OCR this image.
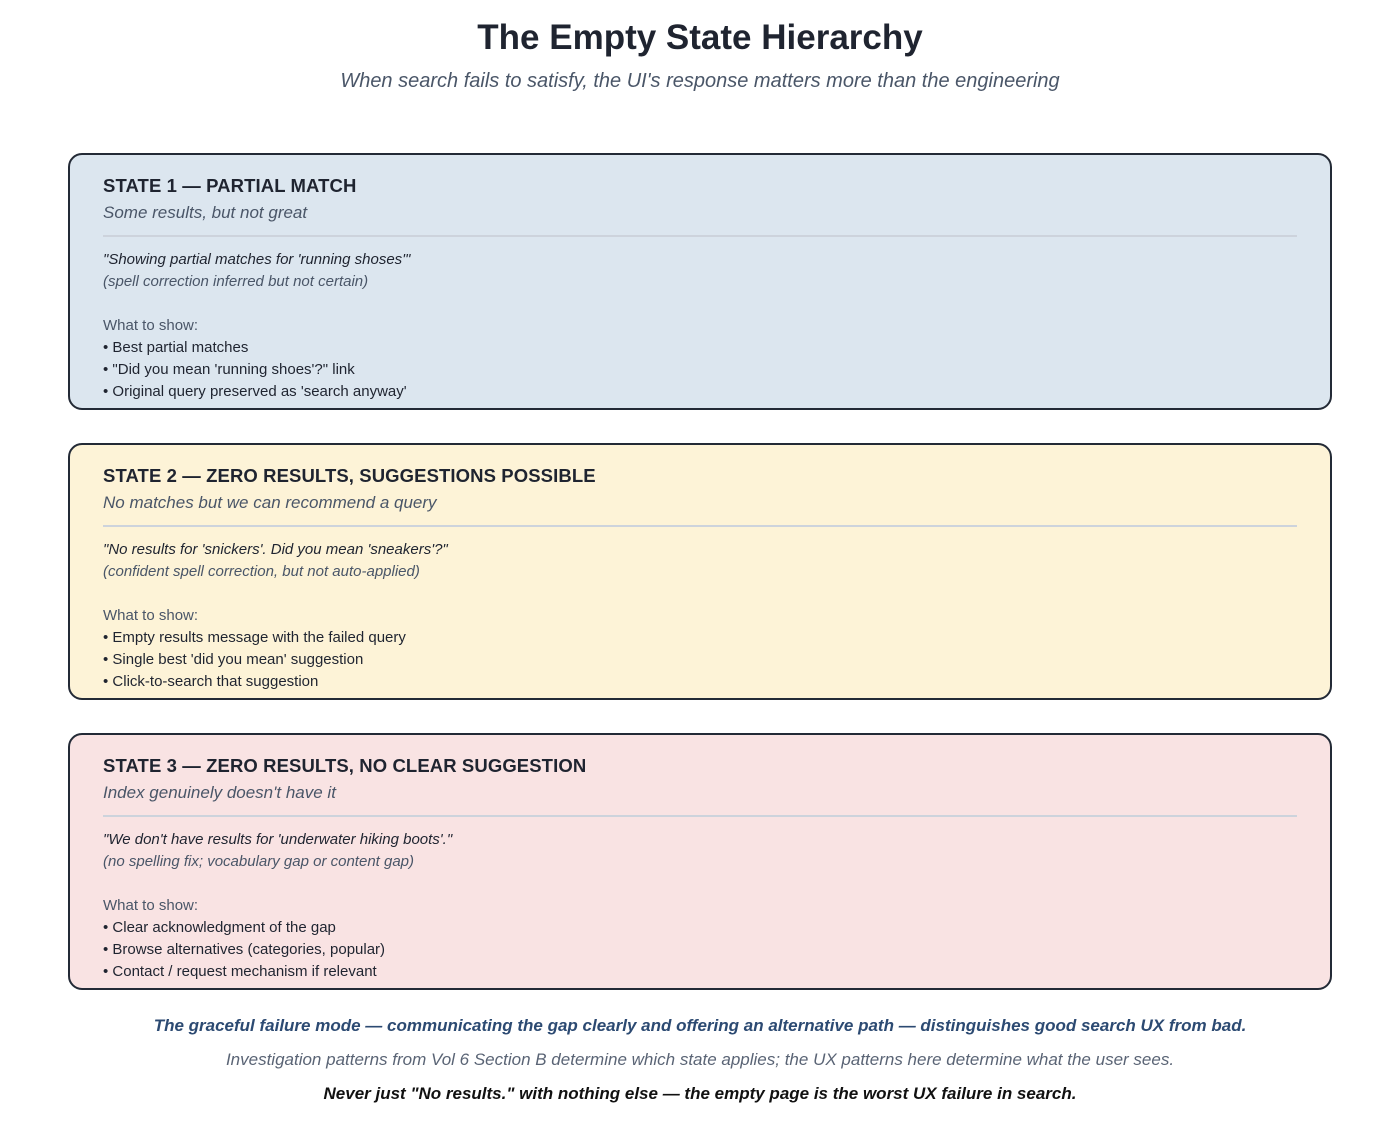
The Empty State Hierarchy
When search fails to satisfy, the UI's response matters more than the engineering
STATE 1 — PARTIAL MATCH
Some results, but not great
"Showing partial matches for 'running shoses'"
(spell correction inferred but not certain)
What to show:
• Best partial matches
• "Did you mean 'running shoes'?" link
• Original query preserved as 'search anyway'
STATE 2 — ZERO RESULTS, SUGGESTIONS POSSIBLE
No matches but we can recommend a query
"No results for 'snickers'. Did you mean 'sneakers'?"
(confident spell correction, but not auto-applied)
What to show:
• Empty results message with the failed query
• Single best 'did you mean' suggestion
• Click-to-search that suggestion
STATE 3 — ZERO RESULTS, NO CLEAR SUGGESTION
Index genuinely doesn't have it
"We don't have results for 'underwater hiking boots'."
(no spelling fix; vocabulary gap or content gap)
What to show:
• Clear acknowledgment of the gap
• Browse alternatives (categories, popular)
• Contact / request mechanism if relevant
The graceful failure mode — communicating the gap clearly and offering an alternative path — distinguishes good search UX from bad.
Investigation patterns from Vol 6 Section B determine which state applies; the UX patterns here determine what the user sees.
Never just "No results." with nothing else — the empty page is the worst UX failure in search.
